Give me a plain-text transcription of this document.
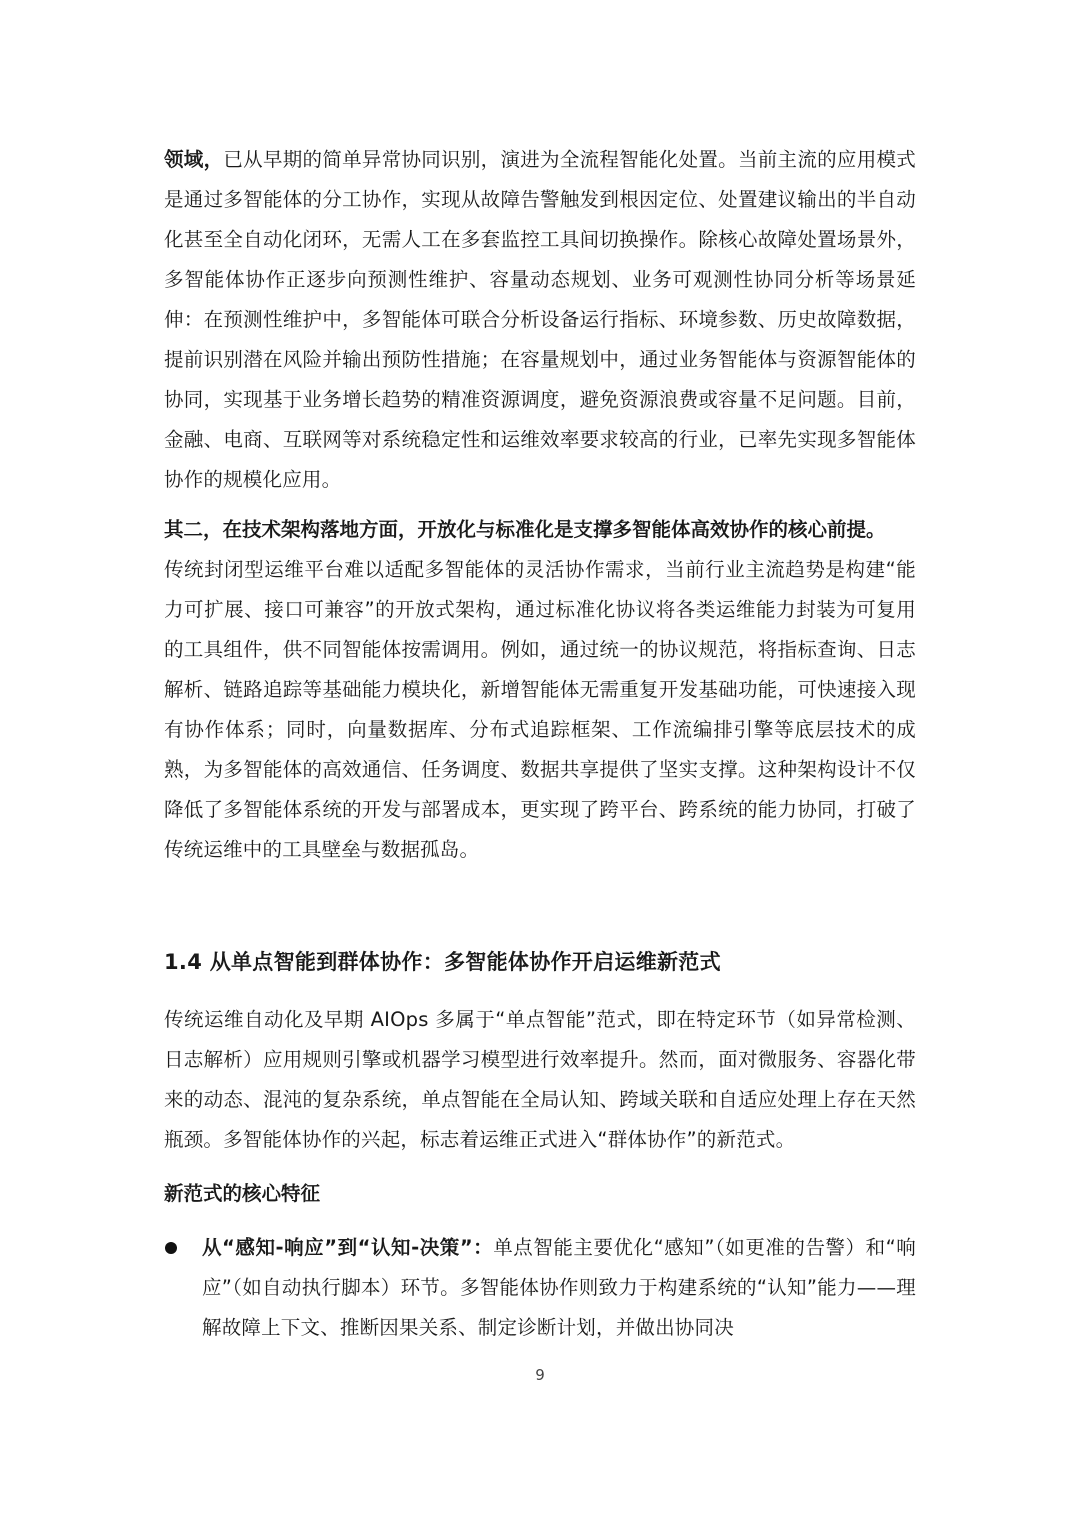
领域，已从早期的简单异常协同识别，演进为全流程智能化处置。当前主流的应用模式是通过多智能体的分工协作，实现从故障告警触发到根因定位、处置建议输出的半自动化甚至全自动化闭环，无需人工在多套监控工具间切换操作。除核心故障处置场景外，多智能体协作正逐步向预测性维护、容量动态规划、业务可观测性协同分析等场景延伸：在预测性维护中，多智能体可联合分析设备运行指标、环境参数、历史故障数据，提前识别潜在风险并输出预防性措施；在容量规划中，通过业务智能体与资源智能体的协同，实现基于业务增长趋势的精准资源调度，避免资源浪费或容量不足问题。目前，金融、电商、互联网等对系统稳定性和运维效率要求较高的行业，已率先实现多智能体协作的规模化应用。

其二，在技术架构落地方面，开放化与标准化是支撑多智能体高效协作的核心前提。
传统封闭型运维平台难以适配多智能体的灵活协作需求，当前行业主流趋势是构建“能力可扩展、接口可兼容”的开放式架构，通过标准化协议将各类运维能力封装为可复用的工具组件，供不同智能体按需调用。例如，通过统一的协议规范，将指标查询、日志解析、链路追踪等基础能力模块化，新增智能体无需重复开发基础功能，可快速接入现有协作体系；同时，向量数据库、分布式追踪框架、工作流编排引擎等底层技术的成熟，为多智能体的高效通信、任务调度、数据共享提供了坚实支撑。这种架构设计不仅降低了多智能体系统的开发与部署成本，更实现了跨平台、跨系统的能力协同，打破了传统运维中的工具壁垒与数据孤岛。

1.4 从单点智能到群体协作：多智能体协作开启运维新范式

传统运维自动化及早期 AIOps 多属于“单点智能”范式，即在特定环节（如异常检测、日志解析）应用规则引擎或机器学习模型进行效率提升。然而，面对微服务、容器化带来的动态、混沌的复杂系统，单点智能在全局认知、跨域关联和自适应处理上存在天然瓶颈。多智能体协作的兴起，标志着运维正式进入“群体协作”的新范式。

新范式的核心特征

从“感知-响应”到“认知-决策”：单点智能主要优化“感知”（如更准的告警）和“响应”（如自动执行脚本）环节。多智能体协作则致力于构建系统的“认知”能力——理解故障上下文、推断因果关系、制定诊断计划，并做出协同决

9
